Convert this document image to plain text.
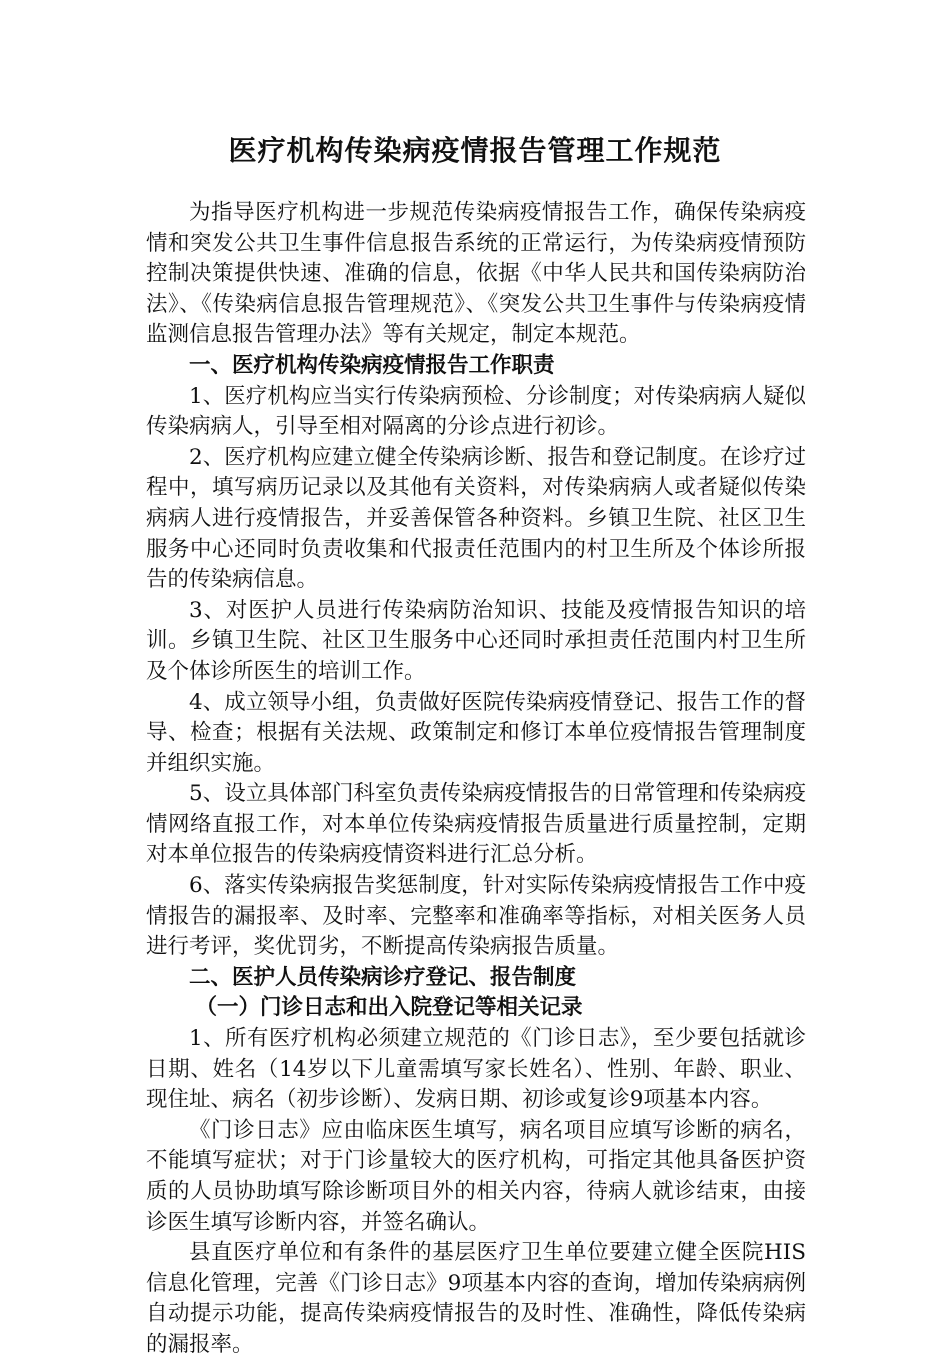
医疗机构传染病疫情报告管理工作规范

为指导医疗机构进一步规范传染病疫情报告工作，确保传染病疫情和突发公共卫生事件信息报告系统的正常运行，为传染病疫情预防控制决策提供快速、准确的信息，依据《中华人民共和国传染病防治法》、《传染病信息报告管理规范》、《突发公共卫生事件与传染病疫情监测信息报告管理办法》等有关规定，制定本规范。

一、医疗机构传染病疫情报告工作职责

1、医疗机构应当实行传染病预检、分诊制度；对传染病病人疑似传染病病人，引导至相对隔离的分诊点进行初诊。

2、医疗机构应建立健全传染病诊断、报告和登记制度。在诊疗过程中，填写病历记录以及其他有关资料，对传染病病人或者疑似传染病病人进行疫情报告，并妥善保管各种资料。乡镇卫生院、社区卫生服务中心还同时负责收集和代报责任范围内的村卫生所及个体诊所报告的传染病信息。

3、对医护人员进行传染病防治知识、技能及疫情报告知识的培训。乡镇卫生院、社区卫生服务中心还同时承担责任范围内村卫生所及个体诊所医生的培训工作。

4、成立领导小组，负责做好医院传染病疫情登记、报告工作的督导、检查；根据有关法规、政策制定和修订本单位疫情报告管理制度并组织实施。

5、设立具体部门科室负责传染病疫情报告的日常管理和传染病疫情网络直报工作，对本单位传染病疫情报告质量进行质量控制，定期对本单位报告的传染病疫情资料进行汇总分析。

6、落实传染病报告奖惩制度，针对实际传染病疫情报告工作中疫情报告的漏报率、及时率、完整率和准确率等指标，对相关医务人员进行考评，奖优罚劣，不断提高传染病报告质量。

二、医护人员传染病诊疗登记、报告制度

（一）门诊日志和出入院登记等相关记录

1、所有医疗机构必须建立规范的《门诊日志》，至少要包括就诊日期、姓名（14岁以下儿童需填写家长姓名）、性别、年龄、职业、现住址、病名（初步诊断）、发病日期、初诊或复诊9项基本内容。

《门诊日志》应由临床医生填写，病名项目应填写诊断的病名，不能填写症状；对于门诊量较大的医疗机构，可指定其他具备医护资质的人员协助填写除诊断项目外的相关内容，待病人就诊结束，由接诊医生填写诊断内容，并签名确认。

县直医疗单位和有条件的基层医疗卫生单位要建立健全医院HIS信息化管理，完善《门诊日志》9项基本内容的查询，增加传染病病例自动提示功能，提高传染病疫情报告的及时性、准确性，降低传染病的漏报率。
